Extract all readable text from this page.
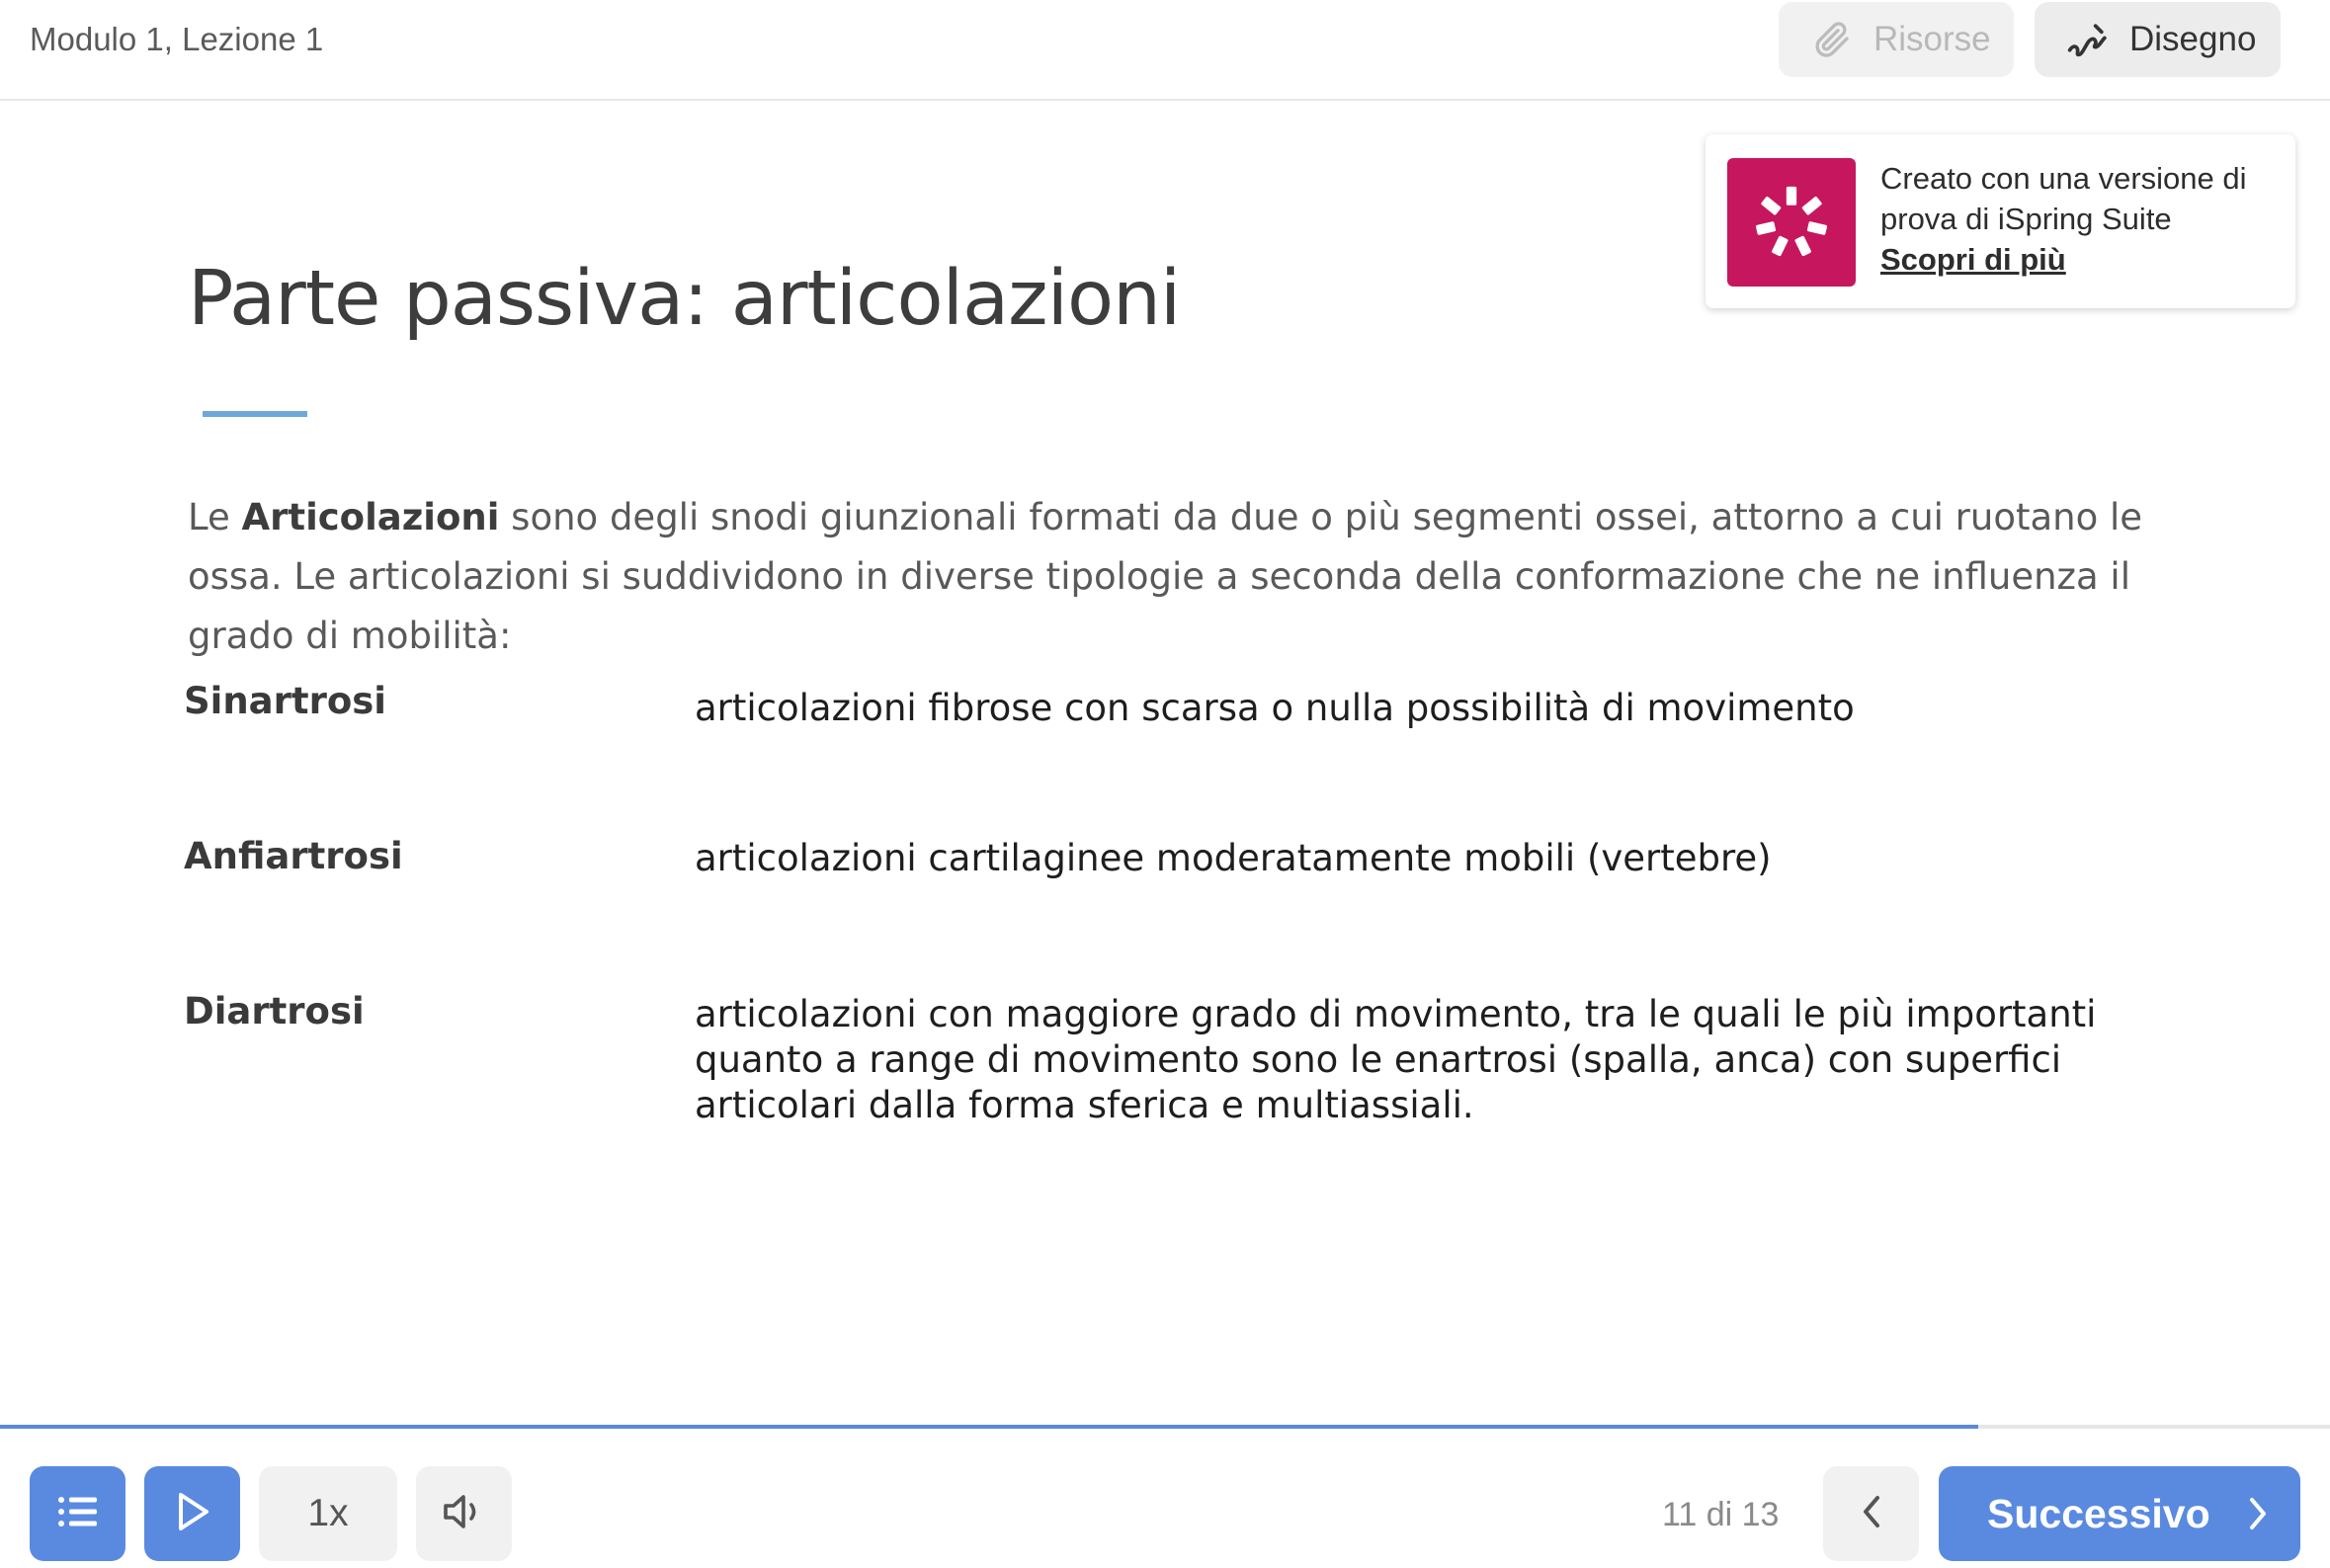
Modulo 1, Lezione 1	Risorse	Disegno
Creato con una versione di prova di iSpring Suite
Scopri di più
Parte passiva: articolazioni

Le Articolazioni sono degli snodi giunzionali formati da due o più segmenti ossei, attorno a cui ruotano le ossa. Le articolazioni si suddividono in diverse tipologie a seconda della conformazione che ne influenza il grado di mobilità:

Sinartrosi	articolazioni fibrose con scarsa o nulla possibilità di movimento
Anfiartrosi	articolazioni cartilaginee moderatamente mobili (vertebre)
Diartrosi	articolazioni con maggiore grado di movimento, tra le quali le più importanti quanto a range di movimento sono le enartrosi (spalla, anca) con superfici articolari dalla forma sferica e multiassiali.
1x	11 di 13	Successivo
